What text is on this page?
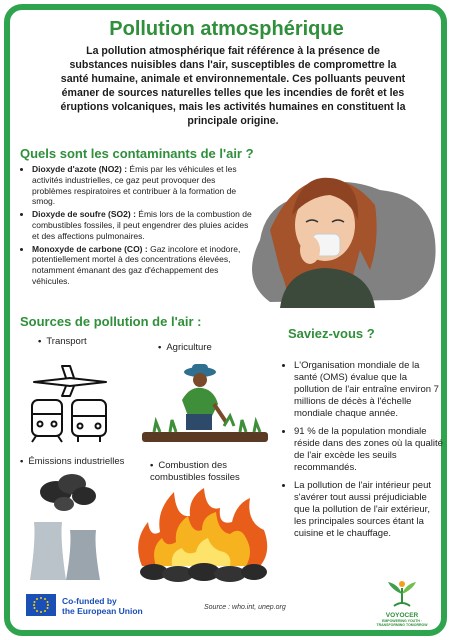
Pollution atmosphérique
La pollution atmosphérique fait référence à la présence de substances nuisibles dans l'air, susceptibles de compromettre la santé humaine, animale et environnementale. Ces polluants peuvent émaner de sources naturelles telles que les incendies de forêt et les éruptions volcaniques, mais les activités humaines en constituent la principale origine.
Quels sont les contaminants de l'air ?
• Dioxyde d'azote (NO2) : Émis par les véhicules et les activités industrielles, ce gaz peut provoquer des problèmes respiratoires et contribuer à la formation de smog.
• Dioxyde de soufre (SO2) : Émis lors de la combustion de combustibles fossiles, il peut engendrer des pluies acides et des affections pulmonaires.
• Monoxyde de carbone (CO) : Gaz incolore et inodore, potentiellement mortel à des concentrations élevées, notamment émanant des gaz d'échappement des véhicules.
Sources de pollution de l'air :
Saviez-vous ?
• Transport
• Agriculture
• Émissions industrielles	• Combustion des combustibles fossiles
• L'Organisation mondiale de la santé (OMS) évalue que la pollution de l'air entraîne environ 7 millions de décès à l'échelle mondiale chaque année.
• 91 % de la population mondiale réside dans des zones où la qualité de l'air excède les seuils recommandés.
• La pollution de l'air intérieur peut s'avérer tout aussi préjudiciable que la pollution de l'air extérieur, les principales sources étant la cuisine et le chauffage.
Co-funded by
the European Union	Source : who.int, unep.org
VOYOCER
EMPOWERING YOUTH · TRANSFORMING TOMORROW
